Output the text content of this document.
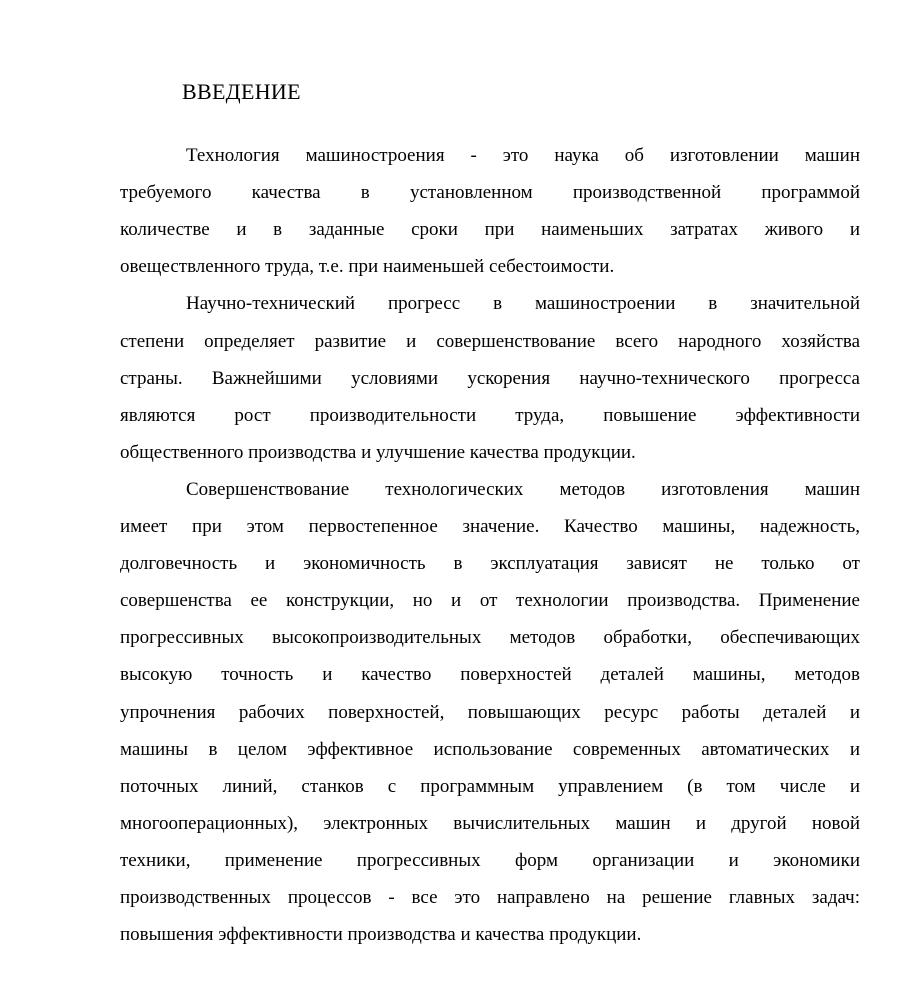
ВВЕДЕНИЕ
Технология машиностроения - это наука об изготовлении машин
требуемого качества в установленном производственной программой
количестве и в заданные сроки при наименьших затратах живого и
овеществленного труда, т.е. при наименьшей себестоимости.
Научно-технический прогресс в машиностроении в значительной
степени определяет развитие и совершенствование всего народного хозяйства
страны. Важнейшими условиями ускорения научно-технического прогресса
являются рост производительности труда, повышение эффективности
общественного производства и улучшение качества продукции.
Совершенствование технологических методов изготовления машин
имеет при этом первостепенное значение. Качество машины, надежность,
долговечность и экономичность в эксплуатация зависят не только от
совершенства ее конструкции, но и от технологии производства. Применение
прогрессивных высокопроизводительных методов обработки, обеспечивающих
высокую точность и качество поверхностей деталей машины, методов
упрочнения рабочих поверхностей, повышающих ресурс работы деталей и
машины в целом эффективное использование современных автоматических и
поточных линий, станков с программным управлением (в том числе и
многооперационных), электронных вычислительных машин и другой новой
техники, применение прогрессивных форм организации и экономики
производственных процессов - все это направлено на решение главных задач:
повышения эффективности производства и качества продукции.
